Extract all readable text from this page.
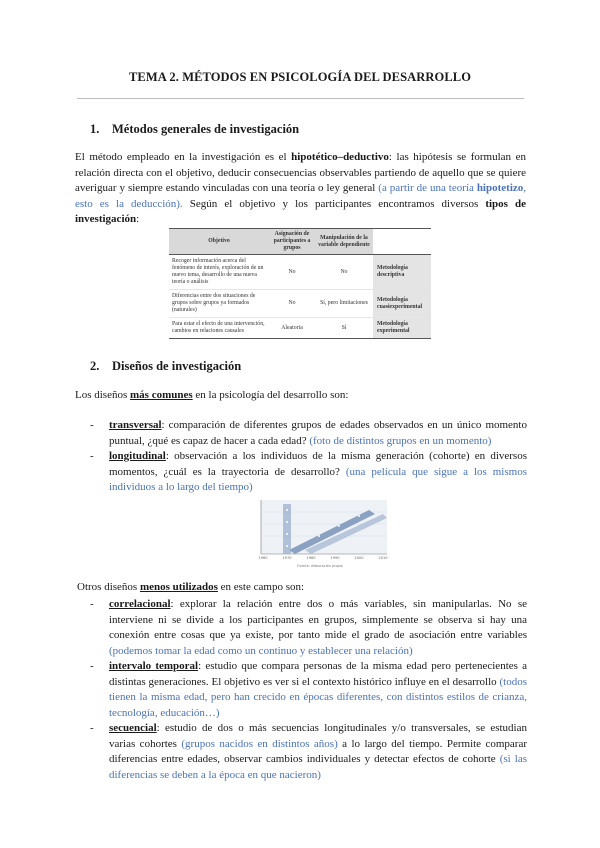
TEMA 2. MÉTODOS EN PSICOLOGÍA DEL DESARROLLO
1. Métodos generales de investigación
El método empleado en la investigación es el hipotético–deductivo: las hipótesis se formulan en relación directa con el objetivo, deducir consecuencias observables partiendo de aquello que se quiere averiguar y siempre estando vinculadas con una teoría o ley general (a partir de una teoría hipotetizo, esto es la deducción). Según el objetivo y los participantes encontramos diversos tipos de investigación:
Objetivo	Asignación de participantes a grupos	Manipulación de la variable dependiente	
Recoger información acerca del fenómeno de interés, exploración de un nuevo tema, desarrollo de una nueva teoría o análisis	No	No	Metodología descriptiva
Diferencias entre dos situaciones de grupos sobre grupos ya formados (naturales)	No	Sí, pero limitaciones	Metodología cuasiexperimental
Para estar el efecto de una intervención, cambios en relaciones causales	Aleatoria	Sí	Metodología experimental
2. Diseños de investigación
Los diseños más comunes en la psicología del desarrollo son:
- transversal: comparación de diferentes grupos de edades observados en un único momento puntual, ¿qué es capaz de hacer a cada edad? (foto de distintos grupos en un momento)
- longitudinal: observación a los individuos de la misma generación (cohorte) en diversos momentos, ¿cuál es la trayectoria de desarrollo? (una película que sigue a los mismos individuos a lo largo del tiempo)
1960	1970	1980	1990	2000	2010
Fuente: elaboración propia
Otros diseños menos utilizados en este campo son:
- correlacional: explorar la relación entre dos o más variables, sin manipularlas. No se interviene ni se divide a los participantes en grupos, simplemente se observa si hay una conexión entre cosas que ya existe, por tanto mide el grado de asociación entre variables (podemos tomar la edad como un continuo y establecer una relación)
- intervalo temporal: estudio que compara personas de la misma edad pero pertenecientes a distintas generaciones. El objetivo es ver si el contexto histórico influye en el desarrollo (todos tienen la misma edad, pero han crecido en épocas diferentes, con distintos estilos de crianza, tecnología, educación…)
- secuencial: estudio de dos o más secuencias longitudinales y/o transversales, se estudian varias cohortes (grupos nacidos en distintos años) a lo largo del tiempo. Permite comparar diferencias entre edades, observar cambios individuales y detectar efectos de cohorte (si las diferencias se deben a la época en que nacieron)
